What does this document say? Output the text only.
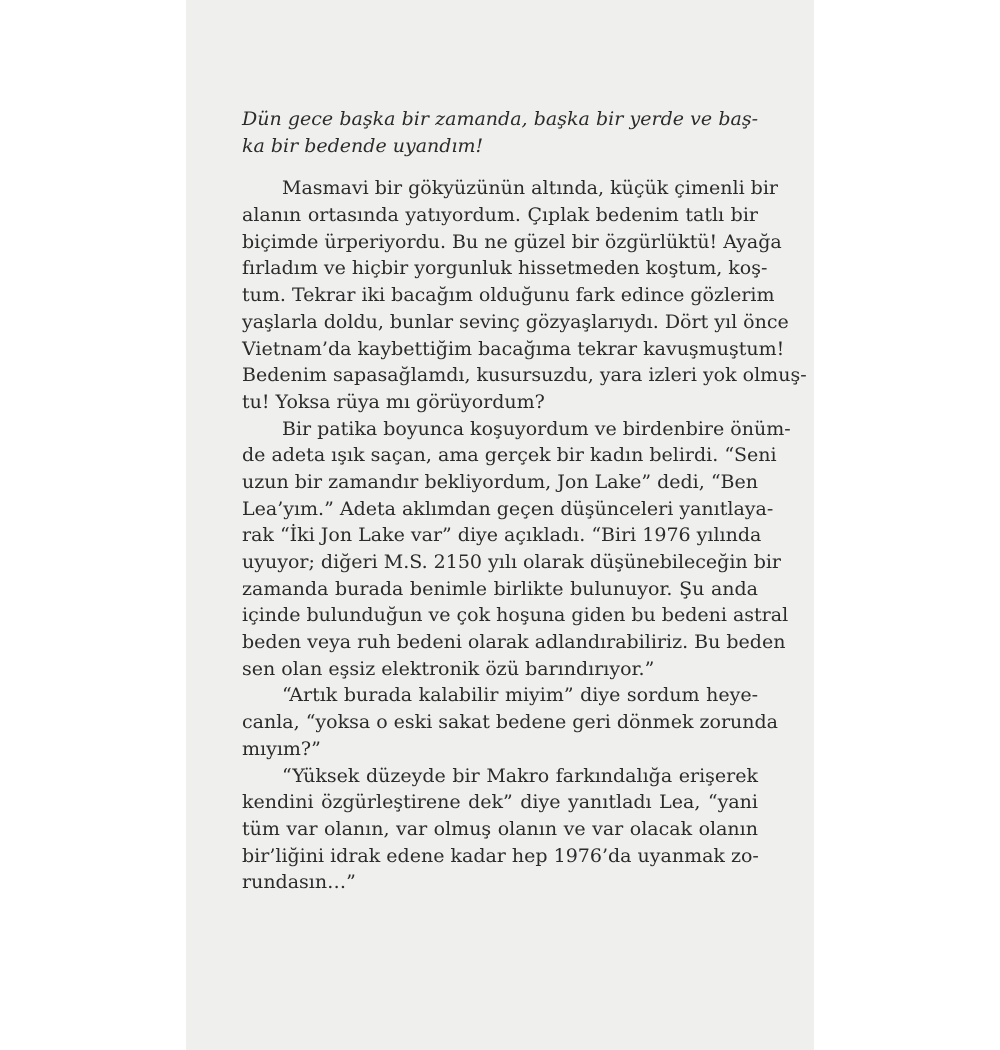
Dün gece başka bir zamanda, başka bir yerde ve baş-
ka bir bedende uyandım!
Masmavi bir gökyüzünün altında, küçük çimenli bir
alanın ortasında yatıyordum. Çıplak bedenim tatlı bir
biçimde ürperiyordu. Bu ne güzel bir özgürlüktü! Ayağa
fırladım ve hiçbir yorgunluk hissetmeden koştum, koş-
tum. Tekrar iki bacağım olduğunu fark edince gözlerim
yaşlarla doldu, bunlar sevinç gözyaşlarıydı. Dört yıl önce
Vietnam’da kaybettiğim bacağıma tekrar kavuşmuştum!
Bedenim sapasağlamdı, kusursuzdu, yara izleri yok olmuş-
tu! Yoksa rüya mı görüyordum?
Bir patika boyunca koşuyordum ve birdenbire önüm-
de adeta ışık saçan, ama gerçek bir kadın belirdi. “Seni
uzun bir zamandır bekliyordum, Jon Lake” dedi, “Ben
Lea’yım.” Adeta aklımdan geçen düşünceleri yanıtlaya-
rak “İki Jon Lake var” diye açıkladı. “Biri 1976 yılında
uyuyor; diğeri M.S. 2150 yılı olarak düşünebileceğin bir
zamanda burada benimle birlikte bulunuyor. Şu anda
içinde bulunduğun ve çok hoşuna giden bu bedeni astral
beden veya ruh bedeni olarak adlandırabiliriz. Bu beden
sen olan eşsiz elektronik özü barındırıyor.”
“Artık burada kalabilir miyim” diye sordum heye-
canla, “yoksa o eski sakat bedene geri dönmek zorunda
mıyım?”
“Yüksek düzeyde bir Makro farkındalığa erişerek
kendini özgürleştirene dek” diye yanıtladı Lea, “yani
tüm var olanın, var olmuş olanın ve var olacak olanın
bir’liğini idrak edene kadar hep 1976’da uyanmak zo-
rundasın…”
